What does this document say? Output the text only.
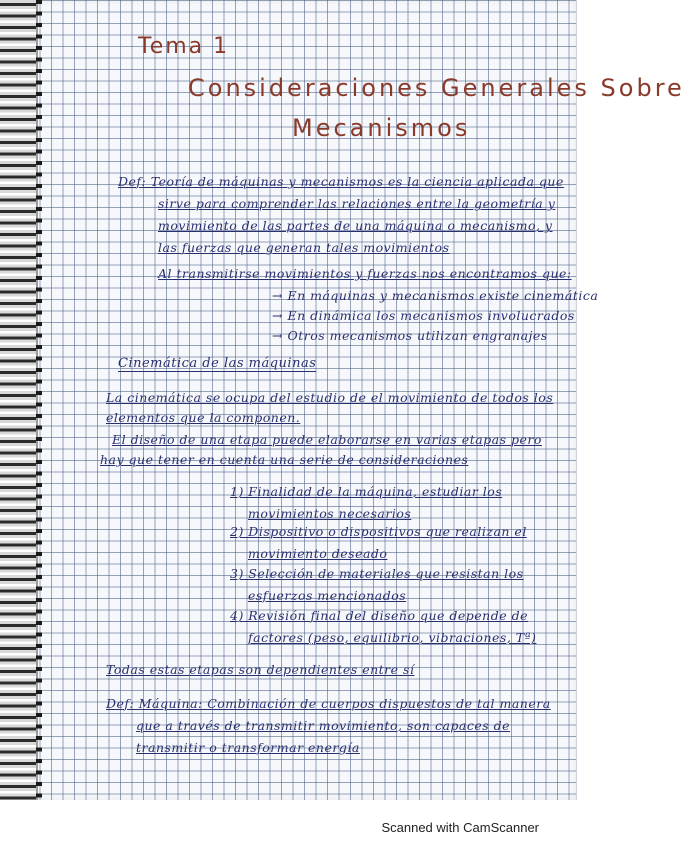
Tema 1
Consideraciones Generales Sobre
Mecanismos
Def: Teoría de máquinas y mecanismos es la ciencia aplicada que
sirve para comprender las relaciones entre la geometría y
movimiento de las partes de una máquina o mecanismo, y
las fuerzas que generan tales movimientos
Al transmitirse movimientos y fuerzas nos encontramos que:
→ En máquinas y mecanismos existe cinemática
→ En dinámica los mecanismos involucrados
→ Otros mecanismos utilizan engranajes
Cinemática de las máquinas
La cinemática se ocupa del estudio de el movimiento de todos los
elementos que la componen.
El diseño de una etapa puede elaborarse en varias etapas pero
hay que tener en cuenta una serie de consideraciones
1) Finalidad de la máquina, estudiar los
movimientos necesarios
2) Dispositivo o dispositivos que realizan el
movimiento deseado
3) Selección de materiales que resistan los
esfuerzos mencionados
4) Revisión final del diseño que depende de
factores (peso, equilibrio, vibraciones, Tª)
Todas estas etapas son dependientes entre sí
Def: Máquina: Combinación de cuerpos dispuestos de tal manera
que a través de transmitir movimiento, son capaces de
transmitir o transformar energía
Scanned with CamScanner
